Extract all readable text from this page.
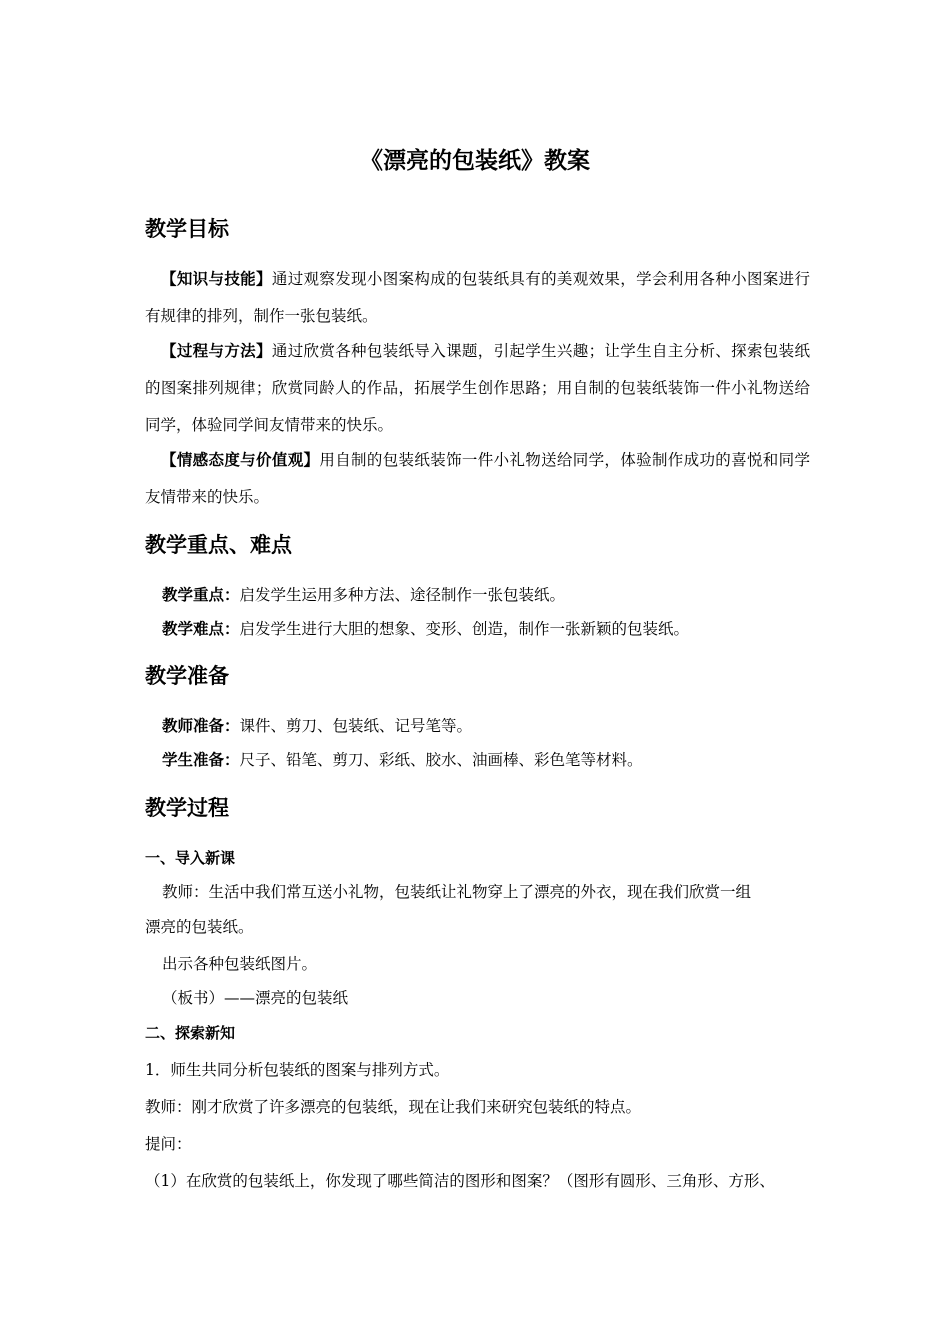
《漂亮的包装纸》教案
教学目标
【知识与技能】通过观察发现小图案构成的包装纸具有的美观效果，学会利用各种小图案进行有规律的排列，制作一张包装纸。
【过程与方法】通过欣赏各种包装纸导入课题，引起学生兴趣；让学生自主分析、探索包装纸的图案排列规律；欣赏同龄人的作品，拓展学生创作思路；用自制的包装纸装饰一件小礼物送给同学，体验同学间友情带来的快乐。
【情感态度与价值观】用自制的包装纸装饰一件小礼物送给同学，体验制作成功的喜悦和同学友情带来的快乐。
教学重点、难点
教学重点：启发学生运用多种方法、途径制作一张包装纸。
教学难点：启发学生进行大胆的想象、变形、创造，制作一张新颖的包装纸。
教学准备
教师准备：课件、剪刀、包装纸、记号笔等。
学生准备：尺子、铅笔、剪刀、彩纸、胶水、油画棒、彩色笔等材料。
教学过程
一、导入新课
教师：生活中我们常互送小礼物，包装纸让礼物穿上了漂亮的外衣，现在我们欣赏一组
漂亮的包装纸。
出示各种包装纸图片。
（板书）——漂亮的包装纸
二、探索新知
1．师生共同分析包装纸的图案与排列方式。
教师：刚才欣赏了许多漂亮的包装纸，现在让我们来研究包装纸的特点。
提问：
（1）在欣赏的包装纸上，你发现了哪些简洁的图形和图案？（图形有圆形、三角形、方形、
